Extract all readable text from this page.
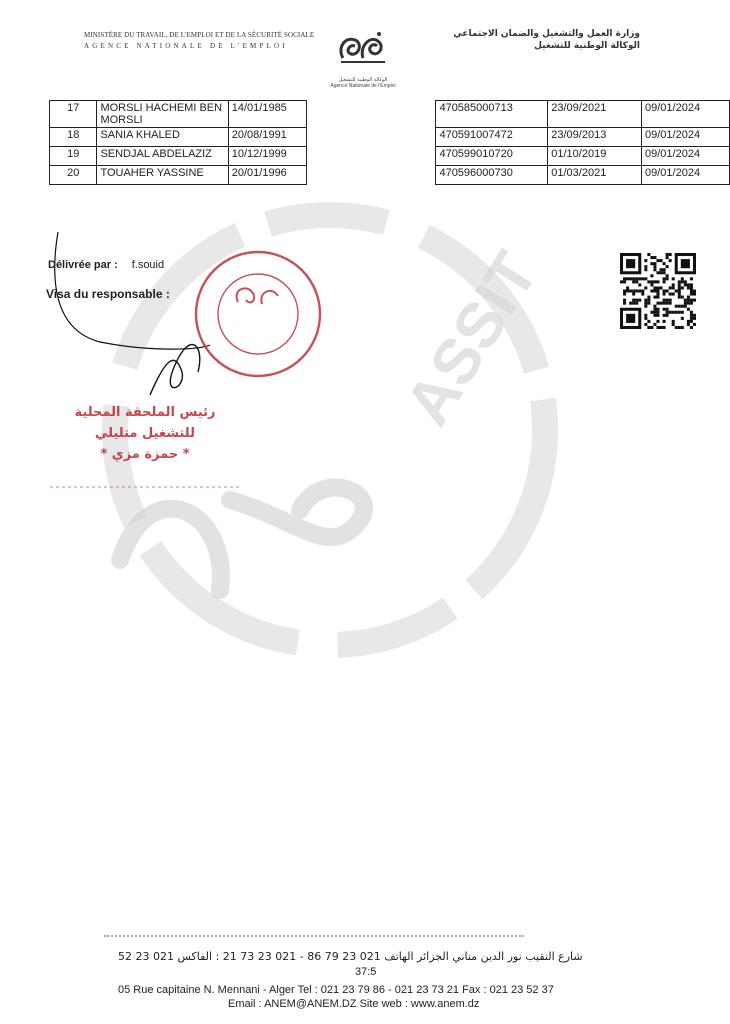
MINISTÈRE DU TRAVAIL, DE L'EMPLOI ET DE LA SÉCURITÉ SOCIALE
AGENCE NATIONALE DE L'EMPLOI
الوكالة الوطنية للتشغيل
Agence Nationale de l'Emploi
وزارة العمل والتشغيل والضمان الاجتماعي
الوكالة الوطنية للتشغيل
17	MORSLI HACHEMI BEN MORSLI	14/01/1985		470585000713	23/09/2021	09/01/2024
18	SANIA KHALED	20/08/1991		470591007472	23/09/2013	09/01/2024
19	SENDJAL ABDELAZIZ	10/12/1999		470599010720	01/10/2019	09/01/2024
20	TOUAHER YASSINE	20/01/1996		470596000730	01/03/2021	09/01/2024
ASSIT
Délivrée par : f.souid
Visa du responsable :
رئيس الملحقة المحلية
للتشغيل متليلي
* حمزة مزي *
شارع النقيب نور الدين مناني الجزائر الهاتف 021 23 79 86 - 021 23 73 21 : الفاكس 021 23 52
37:5
05 Rue capitaine N. Mennani - Alger Tel : 021 23 79 86 - 021 23 73 21 Fax : 021 23 52 37
Email : ANEM@ANEM.DZ Site web : www.anem.dz
